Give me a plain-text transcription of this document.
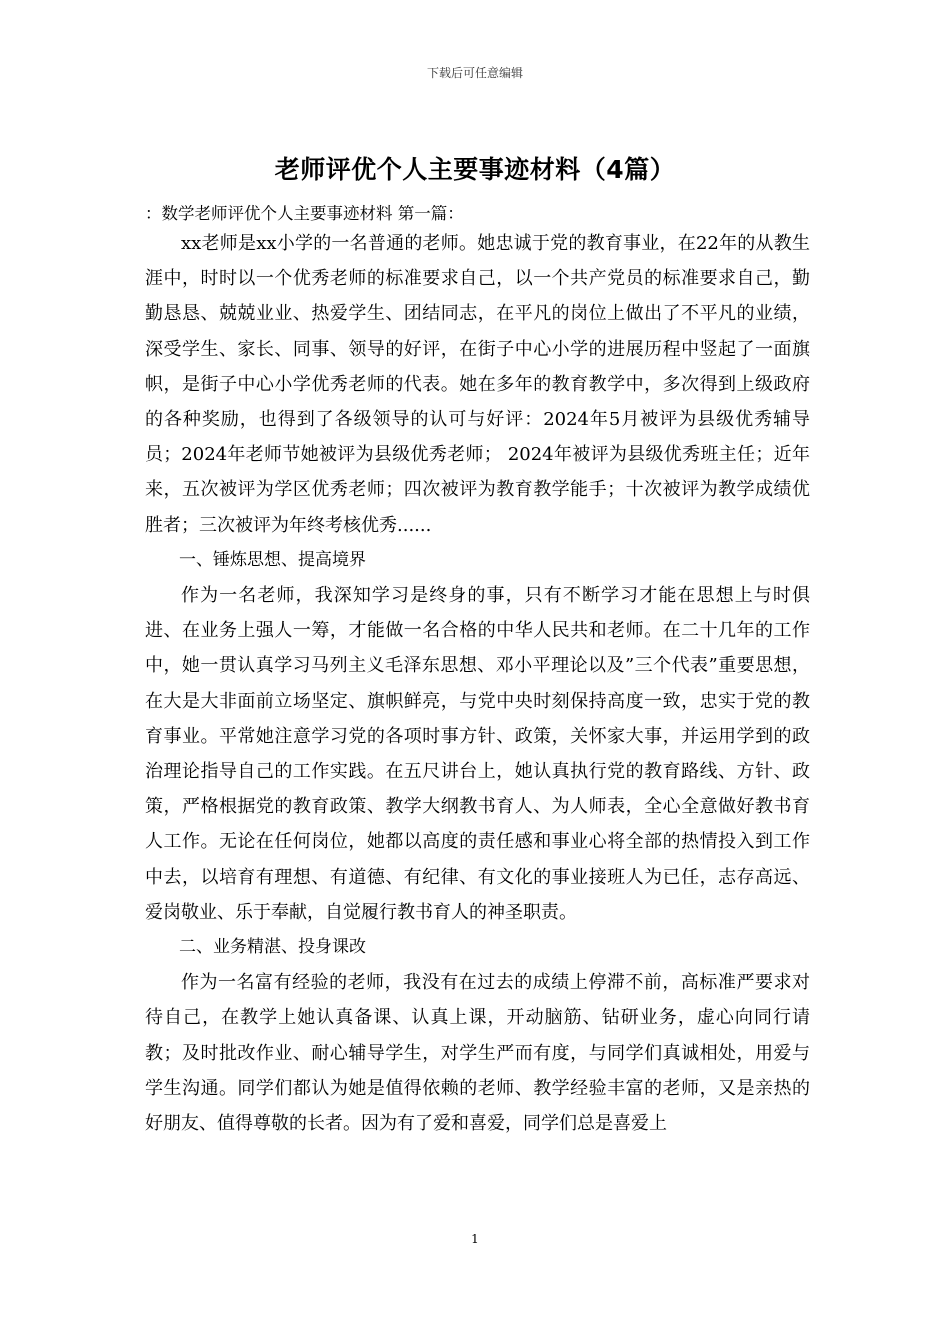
下载后可任意编辑
老师评优个人主要事迹材料（4篇）
：数学老师评优个人主要事迹材料 第一篇：

xx老师是xx小学的一名普通的老师。她忠诚于党的教育事业，在22年的从教生涯中，时时以一个优秀老师的标准要求自己，以一个共产党员的标准要求自己，勤勤恳恳、兢兢业业、热爱学生、团结同志，在平凡的岗位上做出了不平凡的业绩，深受学生、家长、同事、领导的好评，在街子中心小学的进展历程中竖起了一面旗帜，是街子中心小学优秀老师的代表。她在多年的教育教学中，多次得到上级政府的各种奖励，也得到了各级领导的认可与好评：2024年5月被评为县级优秀辅导员；2024年老师节她被评为县级优秀老师； 2024年被评为县级优秀班主任；近年来，五次被评为学区优秀老师；四次被评为教育教学能手；十次被评为教学成绩优胜者；三次被评为年终考核优秀......

一、锤炼思想、提高境界

作为一名老师，我深知学习是终身的事，只有不断学习才能在思想上与时俱进、在业务上强人一筹，才能做一名合格的中华人民共和老师。在二十几年的工作中，她一贯认真学习马列主义毛泽东思想、邓小平理论以及”三个代表”重要思想，在大是大非面前立场坚定、旗帜鲜亮，与党中央时刻保持高度一致，忠实于党的教育事业。平常她注意学习党的各项时事方针、政策，关怀家大事，并运用学到的政治理论指导自己的工作实践。在五尺讲台上，她认真执行党的教育路线、方针、政策，严格根据党的教育政策、教学大纲教书育人、为人师表，全心全意做好教书育人工作。无论在任何岗位，她都以高度的责任感和事业心将全部的热情投入到工作中去，以培育有理想、有道德、有纪律、有文化的事业接班人为已任，志存高远、爱岗敬业、乐于奉献，自觉履行教书育人的神圣职责。

二、业务精湛、投身课改

作为一名富有经验的老师，我没有在过去的成绩上停滞不前，高标准严要求对待自己，在教学上她认真备课、认真上课，开动脑筋、钻研业务，虚心向同行请教；及时批改作业、耐心辅导学生，对学生严而有度，与同学们真诚相处，用爱与学生沟通。同学们都认为她是值得依赖的老师、教学经验丰富的老师，又是亲热的好朋友、值得尊敬的长者。因为有了爱和喜爱，同学们总是喜爱上

1
